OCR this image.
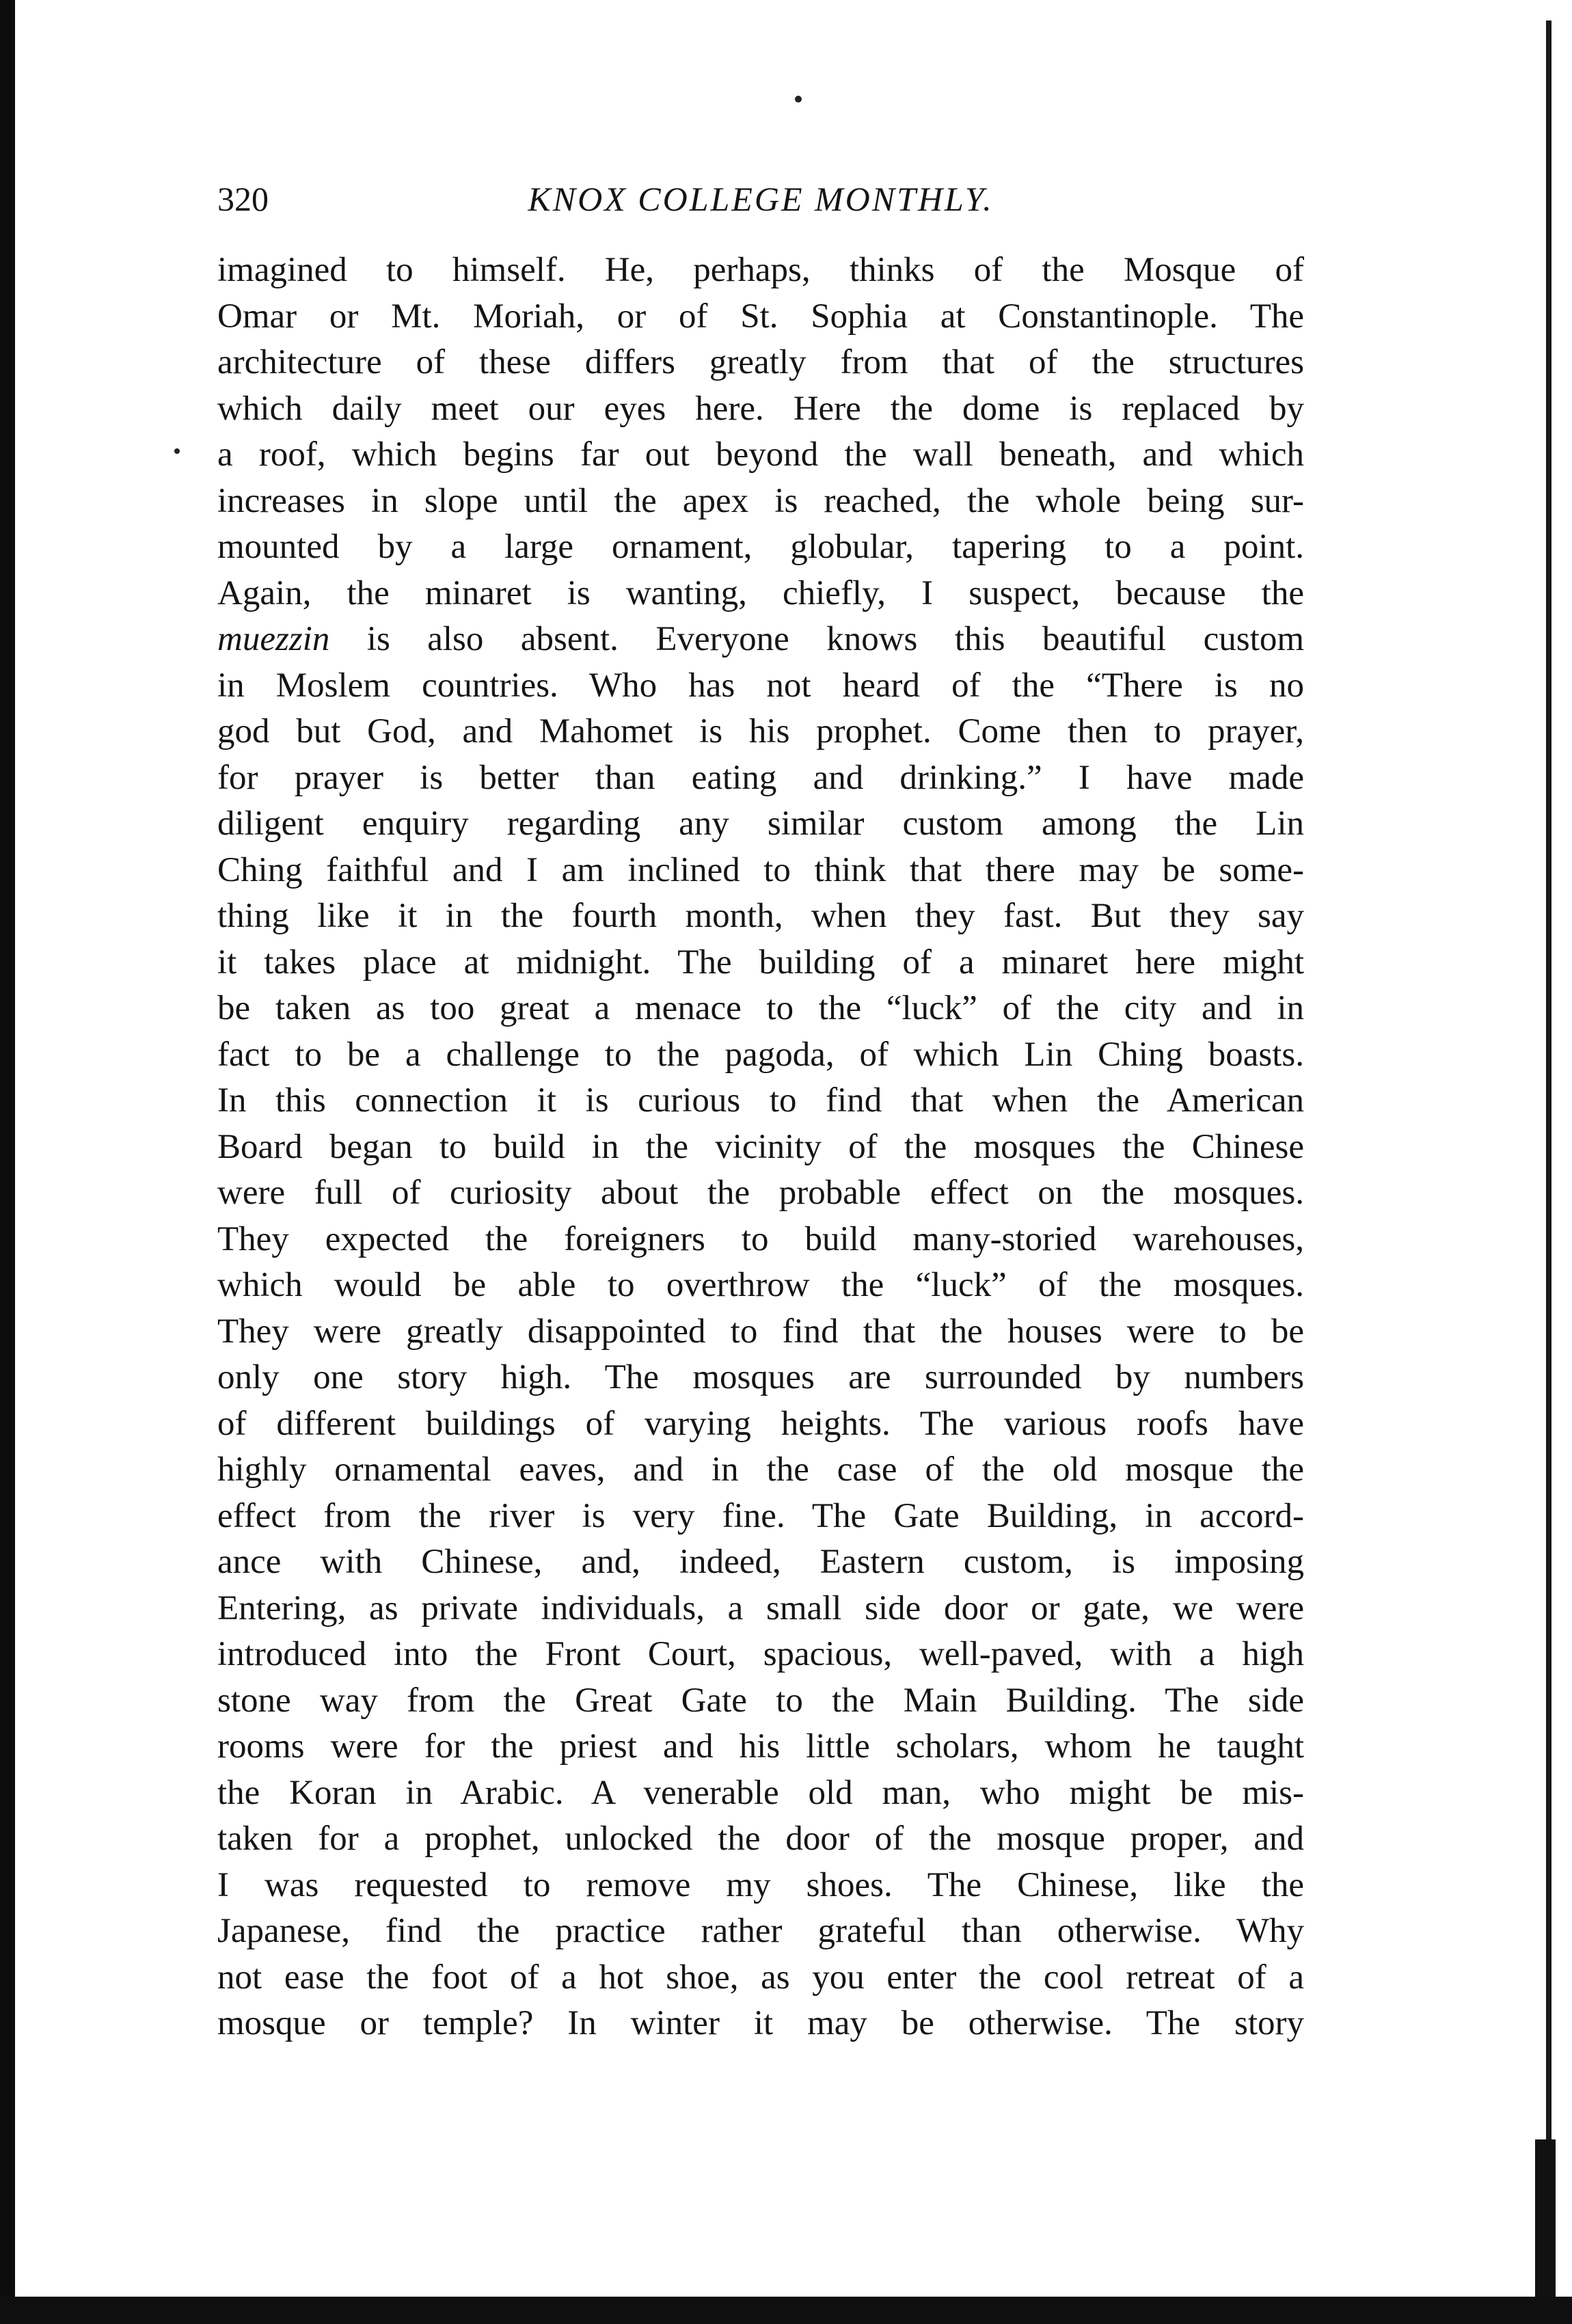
320	KNOX COLLEGE MONTHLY.
imagined to himself. He, perhaps, thinks of the Mosque of
Omar or Mt. Moriah, or of St. Sophia at Constantinople. The
architecture of these differs greatly from that of the structures
which daily meet our eyes here. Here the dome is replaced by
a roof, which begins far out beyond the wall beneath, and which
increases in slope until the apex is reached, the whole being sur-
mounted by a large ornament, globular, tapering to a point.
Again, the minaret is wanting, chiefly, I suspect, because the
muezzin is also absent. Everyone knows this beautiful custom
in Moslem countries. Who has not heard of the “There is no
god but God, and Mahomet is his prophet. Come then to prayer,
for prayer is better than eating and drinking.” I have made
diligent enquiry regarding any similar custom among the Lin
Ching faithful and I am inclined to think that there may be some-
thing like it in the fourth month, when they fast. But they say
it takes place at midnight. The building of a minaret here might
be taken as too great a menace to the “luck” of the city and in
fact to be a challenge to the pagoda, of which Lin Ching boasts.
In this connection it is curious to find that when the American
Board began to build in the vicinity of the mosques the Chinese
were full of curiosity about the probable effect on the mosques.
They expected the foreigners to build many-storied warehouses,
which would be able to overthrow the “luck” of the mosques.
They were greatly disappointed to find that the houses were to be
only one story high. The mosques are surrounded by numbers
of different buildings of varying heights. The various roofs have
highly ornamental eaves, and in the case of the old mosque the
effect from the river is very fine. The Gate Building, in accord-
ance with Chinese, and, indeed, Eastern custom, is imposing
Entering, as private individuals, a small side door or gate, we were
introduced into the Front Court, spacious, well-paved, with a high
stone way from the Great Gate to the Main Building. The side
rooms were for the priest and his little scholars, whom he taught
the Koran in Arabic. A venerable old man, who might be mis-
taken for a prophet, unlocked the door of the mosque proper, and
I was requested to remove my shoes. The Chinese, like the
Japanese, find the practice rather grateful than otherwise. Why
not ease the foot of a hot shoe, as you enter the cool retreat of a
mosque or temple? In winter it may be otherwise. The story
